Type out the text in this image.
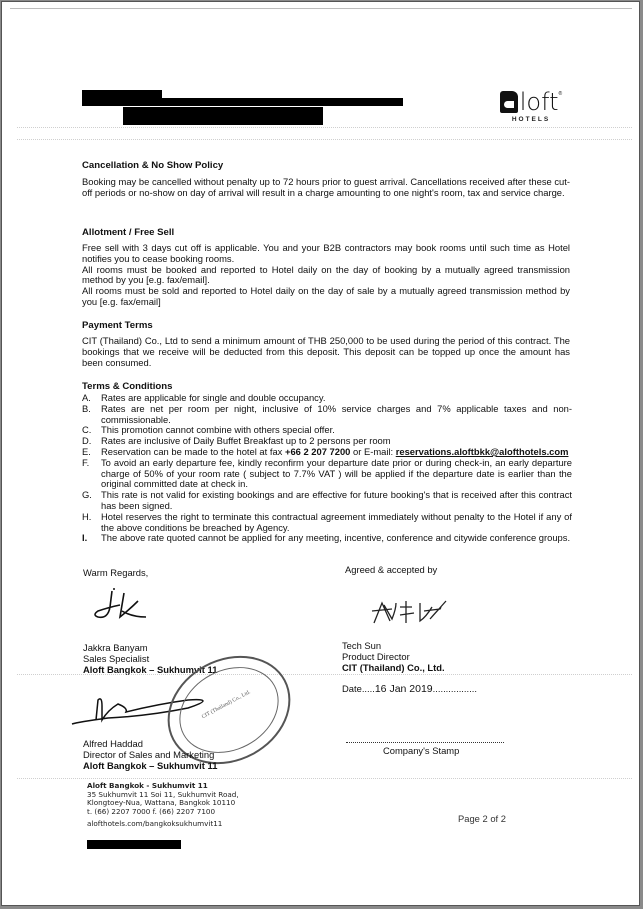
loft ®
HOTELS
Cancellation & No Show Policy

Booking may be cancelled without penalty up to 72 hours prior to guest arrival. Cancellations received after these cut-off periods or no-show on day of arrival will result in a charge amounting to one night's room, tax and service charge.

Allotment / Free Sell

Free sell with 3 days cut off is applicable. You and your B2B contractors may book rooms until such time as Hotel notifies you to cease booking rooms.

All rooms must be booked and reported to Hotel daily on the day of booking by a mutually agreed transmission method by you [e.g. fax/email].

All rooms must be sold and reported to Hotel daily on the day of sale by a mutually agreed transmission method by you [e.g. fax/email]

Payment Terms

CIT (Thailand) Co., Ltd to send a minimum amount of THB 250,000 to be used during the period of this contract. The bookings that we receive will be deducted from this deposit. This deposit can be topped up once the amount has been consumed.

Terms & Conditions
A.	Rates are applicable for single and double occupancy.
B.	Rates are net per room per night, inclusive of 10% service charges and 7% applicable taxes and non-commissionable.
C.	This promotion cannot combine with others special offer.
D.	Rates are inclusive of Daily Buffet Breakfast up to 2 persons per room
E.	Reservation can be made to the hotel at fax +66 2 207 7200 or E-mail: reservations.aloftbkk@alofthotels.com
F.	To avoid an early departure fee, kindly reconfirm your departure date prior or during check-in, an early departure charge of 50% of your room rate ( subject to 7.7% VAT ) will be applied if the departure date is earlier than the original committed date at check in.
G. This rate is not valid for existing bookings and are effective for future booking's that is received after this contract has been signed.
H.	Hotel reserves the right to terminate this contractual agreement immediately without penalty to the Hotel if any of the above conditions be breached by Agency.
I.	The above rate quoted cannot be applied for any meeting, incentive, conference and citywide conference groups.
Warm Regards,
Jakkra Banyam
Sales Specialist
Aloft Bangkok – Sukhumvit 11
CIT (Thailand) Co., Ltd.
Alfred Haddad
Director of Sales and Marketing
Aloft Bangkok – Sukhumvit 11
Agreed & accepted by
Tech Sun
Product Director
CIT (Thailand) Co., Ltd.
Date.....16 Jan 2019.................
Company's Stamp
Aloft Bangkok - Sukhumvit 11
35 Sukhumvit 11 Soi 11, Sukhumvit Road,
Klongtoey-Nua, Wattana, Bangkok 10110
t. (66) 2207 7000 f. (66) 2207 7100
alofthotels.com/bangkoksukhumvit11	Page 2 of 2
